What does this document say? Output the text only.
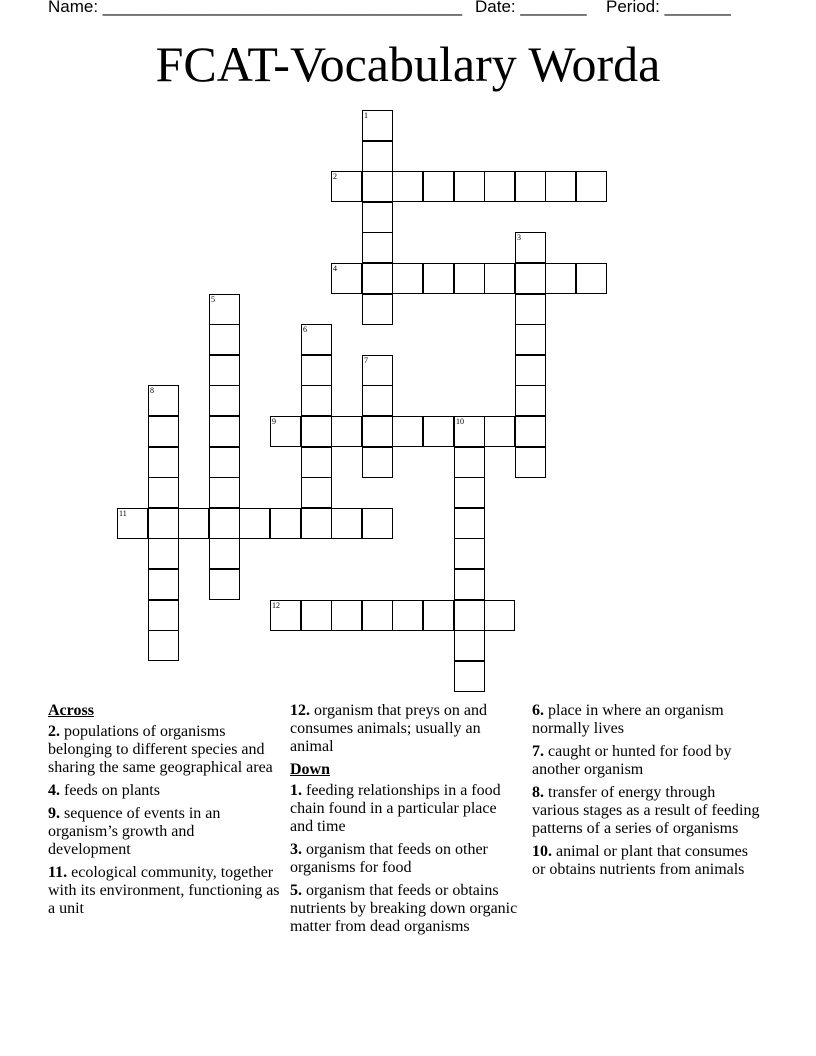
Name: ______________________________________ Date: _______ Period: _______
FCAT-Vocabulary Worda
1
2
3
4
5
6
7
8
9	10
11
12
Across
2. populations of organisms belonging to different species and sharing the same geographical area
4. feeds on plants
9. sequence of events in an organism’s growth and development
11. ecological community, together with its environment, functioning as a unit
12. organism that preys on and consumes animals; usually an animal
Down
1. feeding relationships in a food chain found in a particular place and time
3. organism that feeds on other organisms for food
5. organism that feeds or obtains nutrients by breaking down organic matter from dead organisms
6. place in where an organism normally lives
7. caught or hunted for food by another organism
8. transfer of energy through various stages as a result of feeding patterns of a series of organisms
10. animal or plant that consumes or obtains nutrients from animals
